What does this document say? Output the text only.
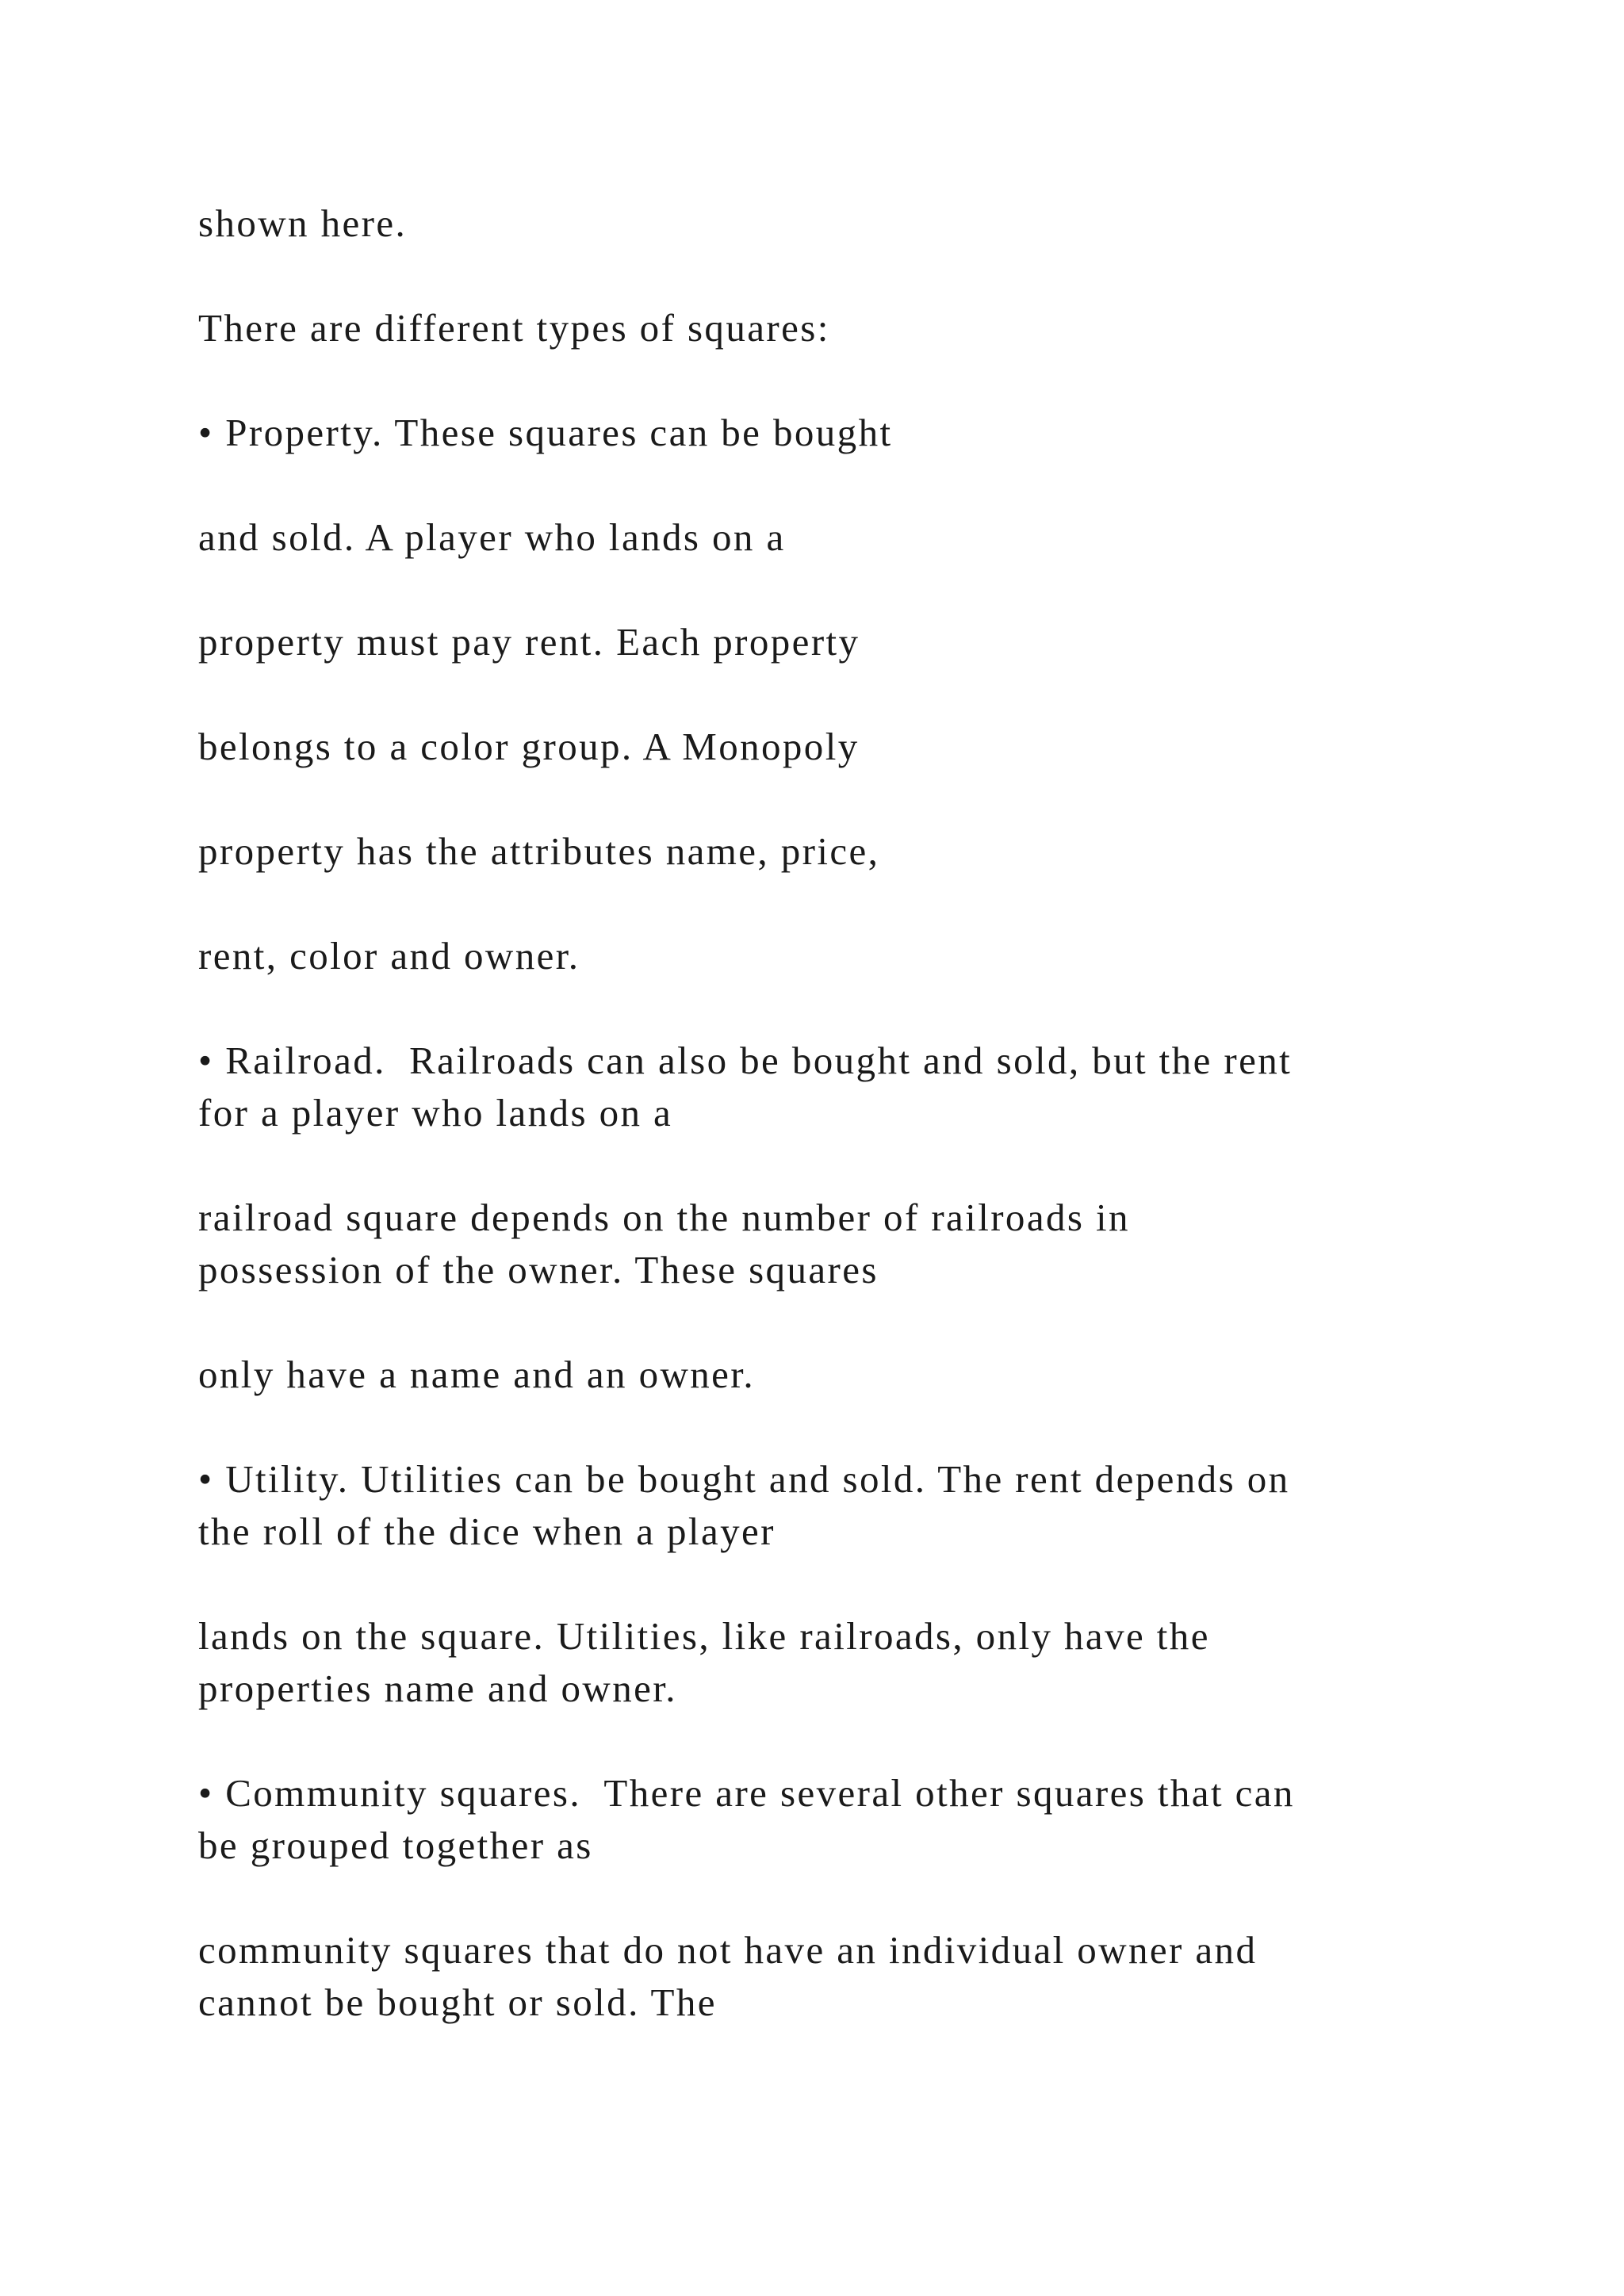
shown here.

There are different types of squares:

• Property. These squares can be bought

and sold. A player who lands on a

property must pay rent. Each property

belongs to a color group. A Monopoly

property has the attributes name, price,

rent, color and owner.

• Railroad.  Railroads can also be bought and sold, but the rent

for a player who lands on a

railroad square depends on the number of railroads in

possession of the owner. These squares

only have a name and an owner.

• Utility. Utilities can be bought and sold. The rent depends on

the roll of the dice when a player

lands on the square. Utilities, like railroads, only have the

properties name and owner.

• Community squares.  There are several other squares that can

be grouped together as

community squares that do not have an individual owner and

cannot be bought or sold. The
